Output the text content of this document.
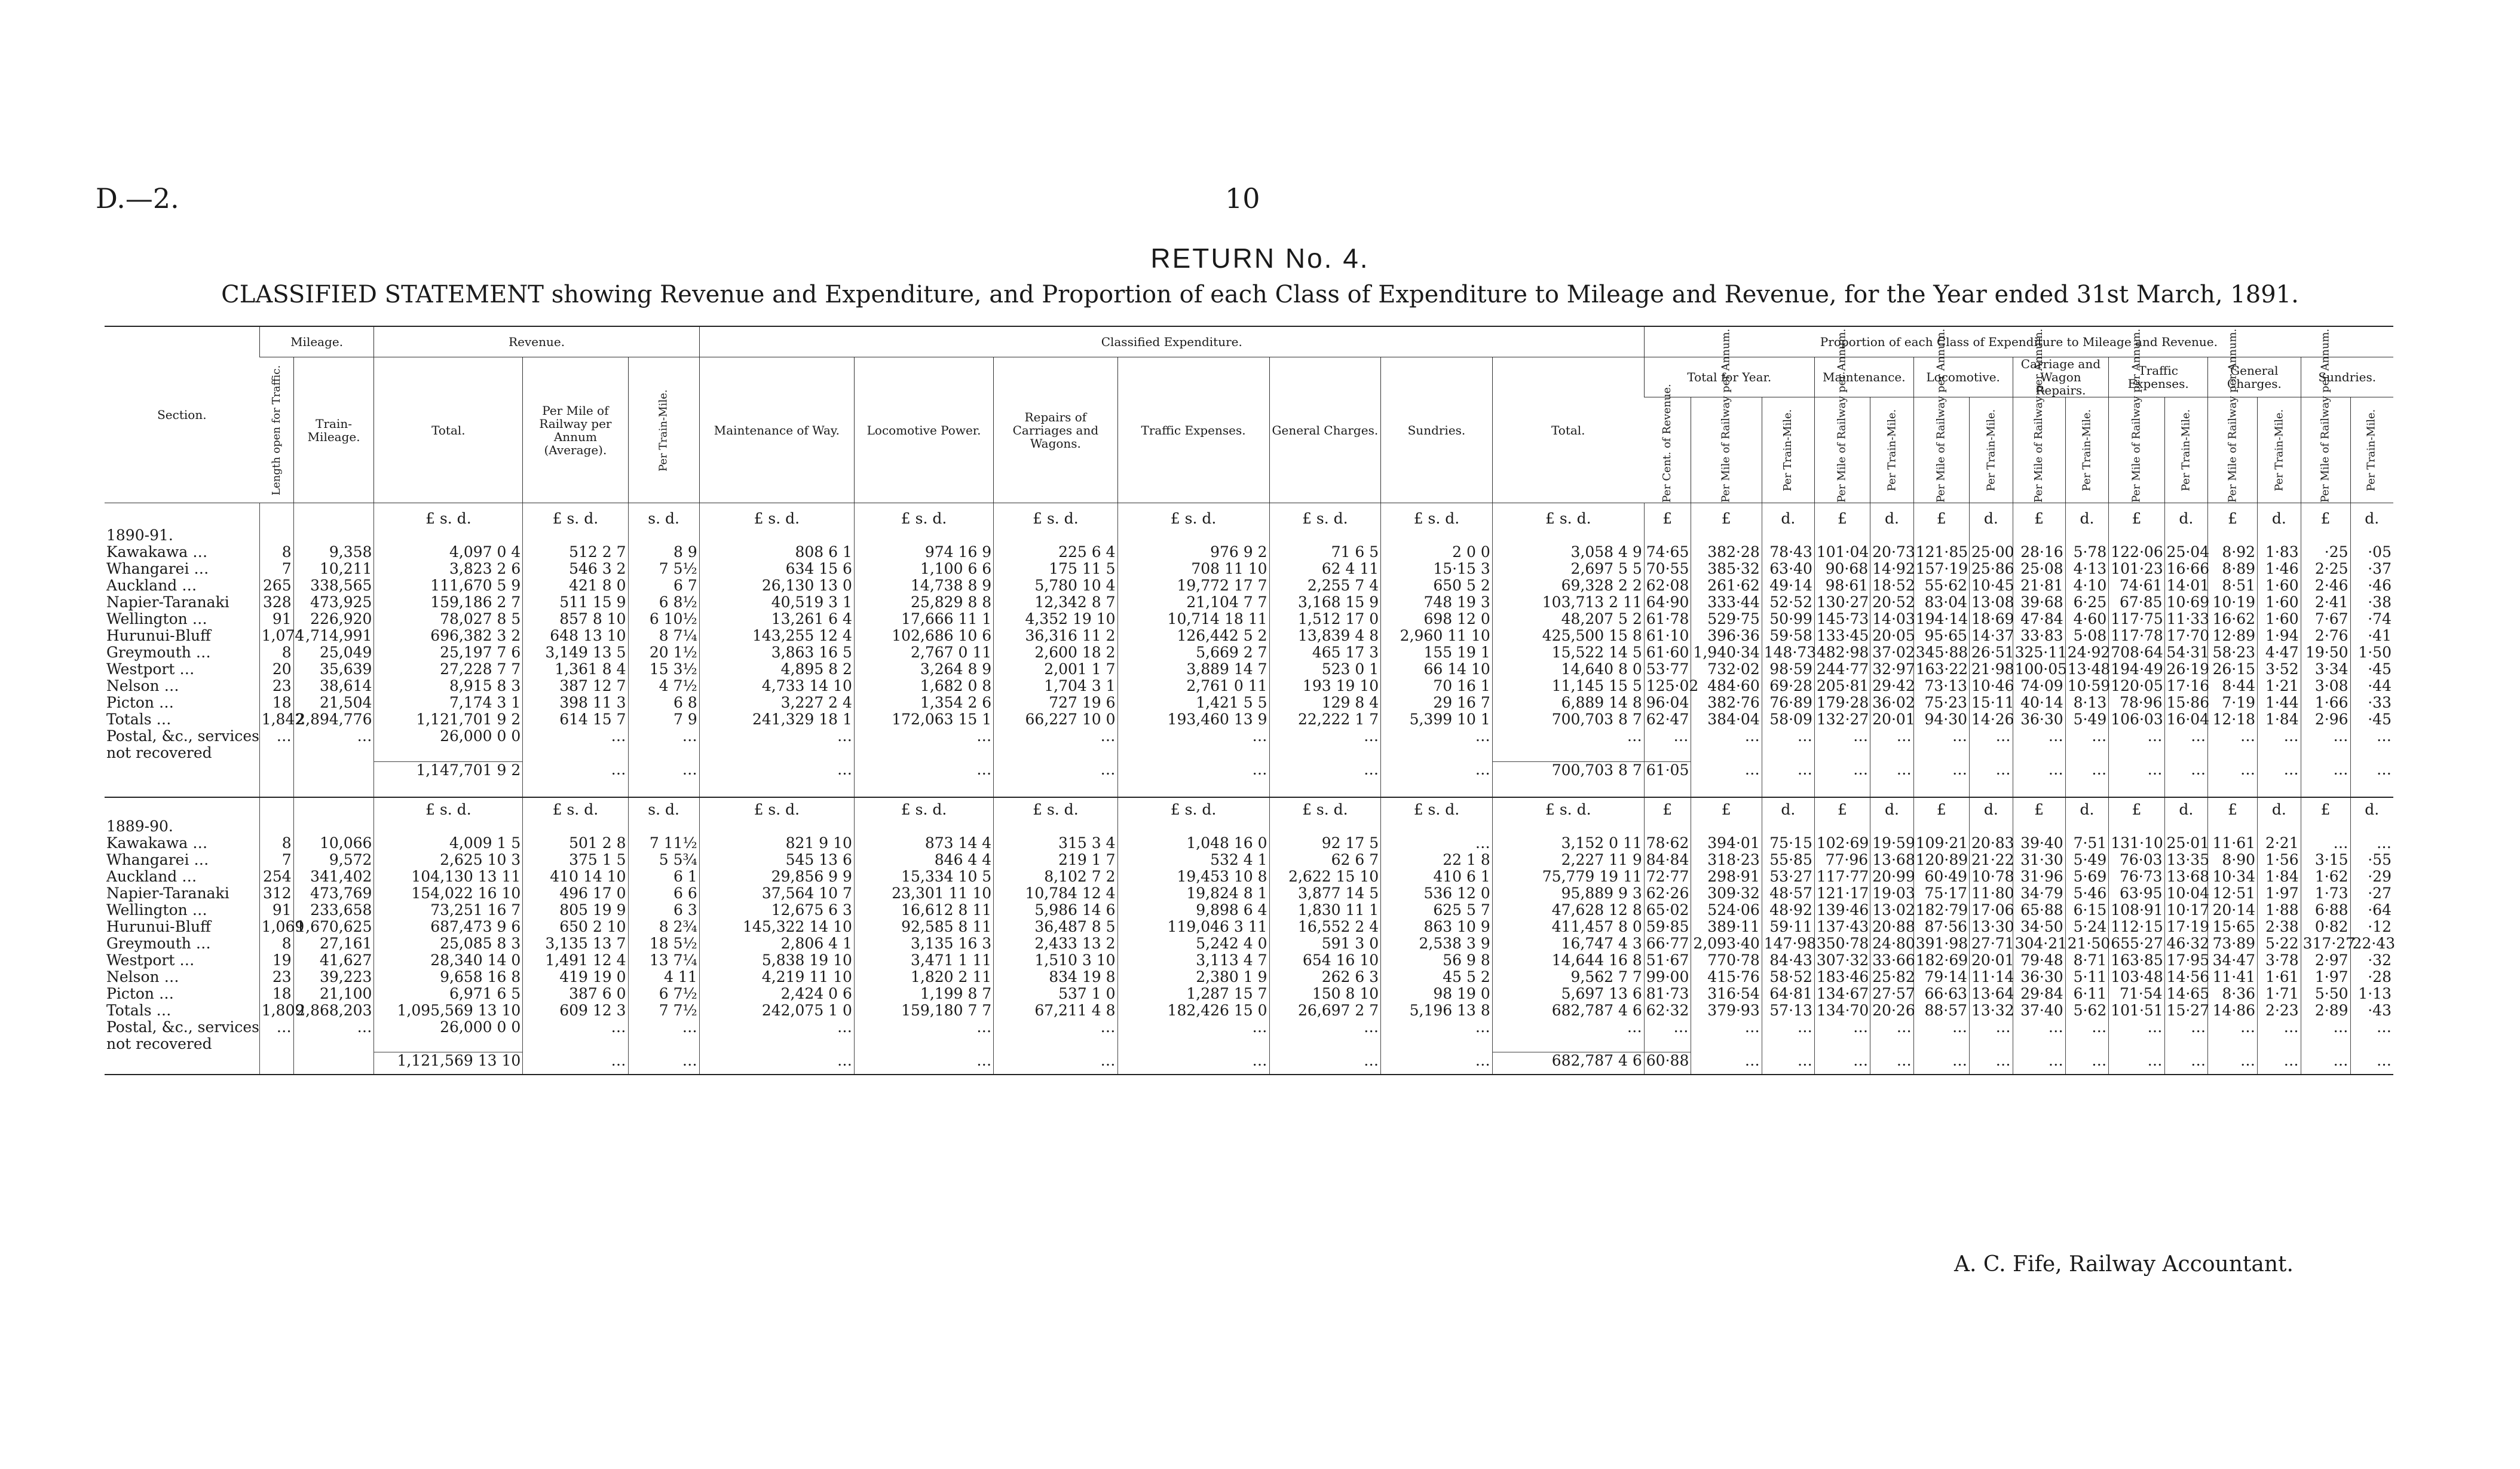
D.—2.	10
RETURN No. 4.
CLASSIFIED STATEMENT showing Revenue and Expenditure, and Proportion of each Class of Expenditure to Mileage and Revenue, for the Year ended 31st March, 1891.
Section.	Mileage.		Revenue.			Classified Expenditure.							Proportion of each Class of Expenditure to Mileage and Revenue.														
	Length open for Traffic.	Train-Mileage.	Total.	Per Mile of Railway per Annum (Average).	Per Train-Mile.	Maintenance of Way.	Locomotive Power.	Repairs of Carriages and Wagons.	Traffic Expenses.	General Charges.	Sundries.	Total.	Total for Year.			Maintenance.		Locomotive.		Carriage and Wagon Repairs.		Traffic Expenses.		General Charges.		Sundries.	
													Per Cent. of Revenue.	Per Mile of Railway per Annum.	Per Train-Mile.	Per Mile of Railway per Annum.	Per Train-Mile.	Per Mile of Railway per Annum.	Per Train-Mile.	Per Mile of Railway per Annum.	Per Train-Mile.	Per Mile of Railway per Annum.	Per Train-Mile.	Per Mile of Railway per Annum.	Per Train-Mile.	Per Mile of Railway per Annum.	Per Train-Mile.

			£ s. d.	£ s. d.	s. d.	£ s. d.	£ s. d.	£ s. d.	£ s. d.	£ s. d.	£ s. d.	£ s. d.	£	£	d.	£	d.	£	d.	£	d.	£	d.	£	d.	£	d.
1890-91.																											
Kawakawa …	8	9,358	4,097 0 4	512 2 7	8 9	808 6 1	974 16 9	225 6 4	976 9 2	71 6 5	2 0 0	3,058 4 9	74·65	382·28	78·43	101·04	20·73	121·85	25·00	28·16	5·78	122·06	25·04	8·92	1·83	·25	·05
Whangarei …	7	10,211	3,823 2 6	546 3 2	7 5½	634 15 6	1,100 6 6	175 11 5	708 11 10	62 4 11	15·15 3	2,697 5 5	70·55	385·32	63·40	90·68	14·92	157·19	25·86	25·08	4·13	101·23	16·66	8·89	1·46	2·25	·37
Auckland …	265	338,565	111,670 5 9	421 8 0	6 7	26,130 13 0	14,738 8 9	5,780 10 4	19,772 17 7	2,255 7 4	650 5 2	69,328 2 2	62·08	261·62	49·14	98·61	18·52	55·62	10·45	21·81	4·10	74·61	14·01	8·51	1·60	2·46	·46
Napier-Taranaki	328	473,925	159,186 2 7	511 15 9	6 8½	40,519 3 1	25,829 8 8	12,342 8 7	21,104 7 7	3,168 15 9	748 19 3	103,713 2 11	64·90	333·44	52·52	130·27	20·52	83·04	13·08	39·68	6·25	67·85	10·69	10·19	1·60	2·41	·38
Wellington …	91	226,920	78,027 8 5	857 8 10	6 10½	13,261 6 4	17,666 11 1	4,352 19 10	10,714 18 11	1,512 17 0	698 12 0	48,207 5 2	61·78	529·75	50·99	145·73	14·03	194·14	18·69	47·84	4·60	117·75	11·33	16·62	1·60	7·67	·74
Hurunui-Bluff	1,074	1,714,991	696,382 3 2	648 13 10	8 7¼	143,255 12 4	102,686 10 6	36,316 11 2	126,442 5 2	13,839 4 8	2,960 11 10	425,500 15 8	61·10	396·36	59·58	133·45	20·05	95·65	14·37	33·83	5·08	117·78	17·70	12·89	1·94	2·76	·41
Greymouth …	8	25,049	25,197 7 6	3,149 13 5	20 1½	3,863 16 5	2,767 0 11	2,600 18 2	5,669 2 7	465 17 3	155 19 1	15,522 14 5	61·60	1,940·34	148·73	482·98	37·02	345·88	26·51	325·11	24·92	708·64	54·31	58·23	4·47	19·50	1·50
Westport …	20	35,639	27,228 7 7	1,361 8 4	15 3½	4,895 8 2	3,264 8 9	2,001 1 7	3,889 14 7	523 0 1	66 14 10	14,640 8 0	53·77	732·02	98·59	244·77	32·97	163·22	21·98	100·05	13·48	194·49	26·19	26·15	3·52	3·34	·45
Nelson …	23	38,614	8,915 8 3	387 12 7	4 7½	4,733 14 10	1,682 0 8	1,704 3 1	2,761 0 11	193 19 10	70 16 1	11,145 15 5	125·02	484·60	69·28	205·81	29·42	73·13	10·46	74·09	10·59	120·05	17·16	8·44	1·21	3·08	·44
Picton …	18	21,504	7,174 3 1	398 11 3	6 8	3,227 2 4	1,354 2 6	727 19 6	1,421 5 5	129 8 4	29 16 7	6,889 14 8	96·04	382·76	76·89	179·28	36·02	75·23	15·11	40·14	8·13	78·96	15·86	7·19	1·44	1·66	·33
Totals …	1,842	2,894,776	1,121,701 9 2	614 15 7	7 9	241,329 18 1	172,063 15 1	66,227 10 0	193,460 13 9	22,222 1 7	5,399 10 1	700,703 8 7	62·47	384·04	58·09	132·27	20·01	94·30	14·26	36·30	5·49	106·03	16·04	12·18	1·84	2·96	·45
Postal, &c., services	…	…	26,000 0 0	…	…	…	…	…	…	…	…	…	…	…	…	…	…	…	…	…	…	…	…	…	…	…	…
not recovered																											
			1,147,701 9 2	…	…	…	…	…	…	…	…	700,703 8 7	61·05	…	…	…	…	…	…	…	…	…	…	…	…	…	…

			£ s. d.	£ s. d.	s. d.	£ s. d.	£ s. d.	£ s. d.	£ s. d.	£ s. d.	£ s. d.	£ s. d.	£	£	d.	£	d.	£	d.	£	d.	£	d.	£	d.	£	d.
1889-90.																											
Kawakawa …	8	10,066	4,009 1 5	501 2 8	7 11½	821 9 10	873 14 4	315 3 4	1,048 16 0	92 17 5	…	3,152 0 11	78·62	394·01	75·15	102·69	19·59	109·21	20·83	39·40	7·51	131·10	25·01	11·61	2·21	…	…
Whangarei …	7	9,572	2,625 10 3	375 1 5	5 5¾	545 13 6	846 4 4	219 1 7	532 4 1	62 6 7	22 1 8	2,227 11 9	84·84	318·23	55·85	77·96	13·68	120·89	21·22	31·30	5·49	76·03	13·35	8·90	1·56	3·15	·55
Auckland …	254	341,402	104,130 13 11	410 14 10	6 1	29,856 9 9	15,334 10 5	8,102 7 2	19,453 10 8	2,622 15 10	410 6 1	75,779 19 11	72·77	298·91	53·27	117·77	20·99	60·49	10·78	31·96	5·69	76·73	13·68	10·34	1·84	1·62	·29
Napier-Taranaki	312	473,769	154,022 16 10	496 17 0	6 6	37,564 10 7	23,301 11 10	10,784 12 4	19,824 8 1	3,877 14 5	536 12 0	95,889 9 3	62·26	309·32	48·57	121·17	19·03	75·17	11·80	34·79	5·46	63·95	10·04	12·51	1·97	1·73	·27
Wellington …	91	233,658	73,251 16 7	805 19 9	6 3	12,675 6 3	16,612 8 11	5,986 14 6	9,898 6 4	1,830 11 1	625 5 7	47,628 12 8	65·02	524·06	48·92	139·46	13·02	182·79	17·06	65·88	6·15	108·91	10·17	20·14	1·88	6·88	·64
Hurunui-Bluff	1,069	1,670,625	687,473 9 6	650 2 10	8 2¾	145,322 14 10	92,585 8 11	36,487 8 5	119,046 3 11	16,552 2 4	863 10 9	411,457 8 0	59·85	389·11	59·11	137·43	20·88	87·56	13·30	34·50	5·24	112·15	17·19	15·65	2·38	0·82	·12
Greymouth …	8	27,161	25,085 8 3	3,135 13 7	18 5½	2,806 4 1	3,135 16 3	2,433 13 2	5,242 4 0	591 3 0	2,538 3 9	16,747 4 3	66·77	2,093·40	147·98	350·78	24·80	391·98	27·71	304·21	21·50	655·27	46·32	73·89	5·22	317·27	22·43
Westport …	19	41,627	28,340 14 0	1,491 12 4	13 7¼	5,838 19 10	3,471 1 11	1,510 3 10	3,113 4 7	654 16 10	56 9 8	14,644 16 8	51·67	770·78	84·43	307·32	33·66	182·69	20·01	79·48	8·71	163·85	17·95	34·47	3·78	2·97	·32
Nelson …	23	39,223	9,658 16 8	419 19 0	4 11	4,219 11 10	1,820 2 11	834 19 8	2,380 1 9	262 6 3	45 5 2	9,562 7 7	99·00	415·76	58·52	183·46	25·82	79·14	11·14	36·30	5·11	103·48	14·56	11·41	1·61	1·97	·28
Picton …	18	21,100	6,971 6 5	387 6 0	6 7½	2,424 0 6	1,199 8 7	537 1 0	1,287 15 7	150 8 10	98 19 0	5,697 13 6	81·73	316·54	64·81	134·67	27·57	66·63	13·64	29·84	6·11	71·54	14·65	8·36	1·71	5·50	1·13
Totals …	1,809	2,868,203	1,095,569 13 10	609 12 3	7 7½	242,075 1 0	159,180 7 7	67,211 4 8	182,426 15 0	26,697 2 7	5,196 13 8	682,787 4 6	62·32	379·93	57·13	134·70	20·26	88·57	13·32	37·40	5·62	101·51	15·27	14·86	2·23	2·89	·43
Postal, &c., services	…	…	26,000 0 0	…	…	…	…	…	…	…	…	…	…	…	…	…	…	…	…	…	…	…	…	…	…	…	…
not recovered																											
			1,121,569 13 10	…	…	…	…	…	…	…	…	682,787 4 6	60·88	…	…	…	…	…	…	…	…	…	…	…	…	…	…

A. C. Fife, Railway Accountant.
